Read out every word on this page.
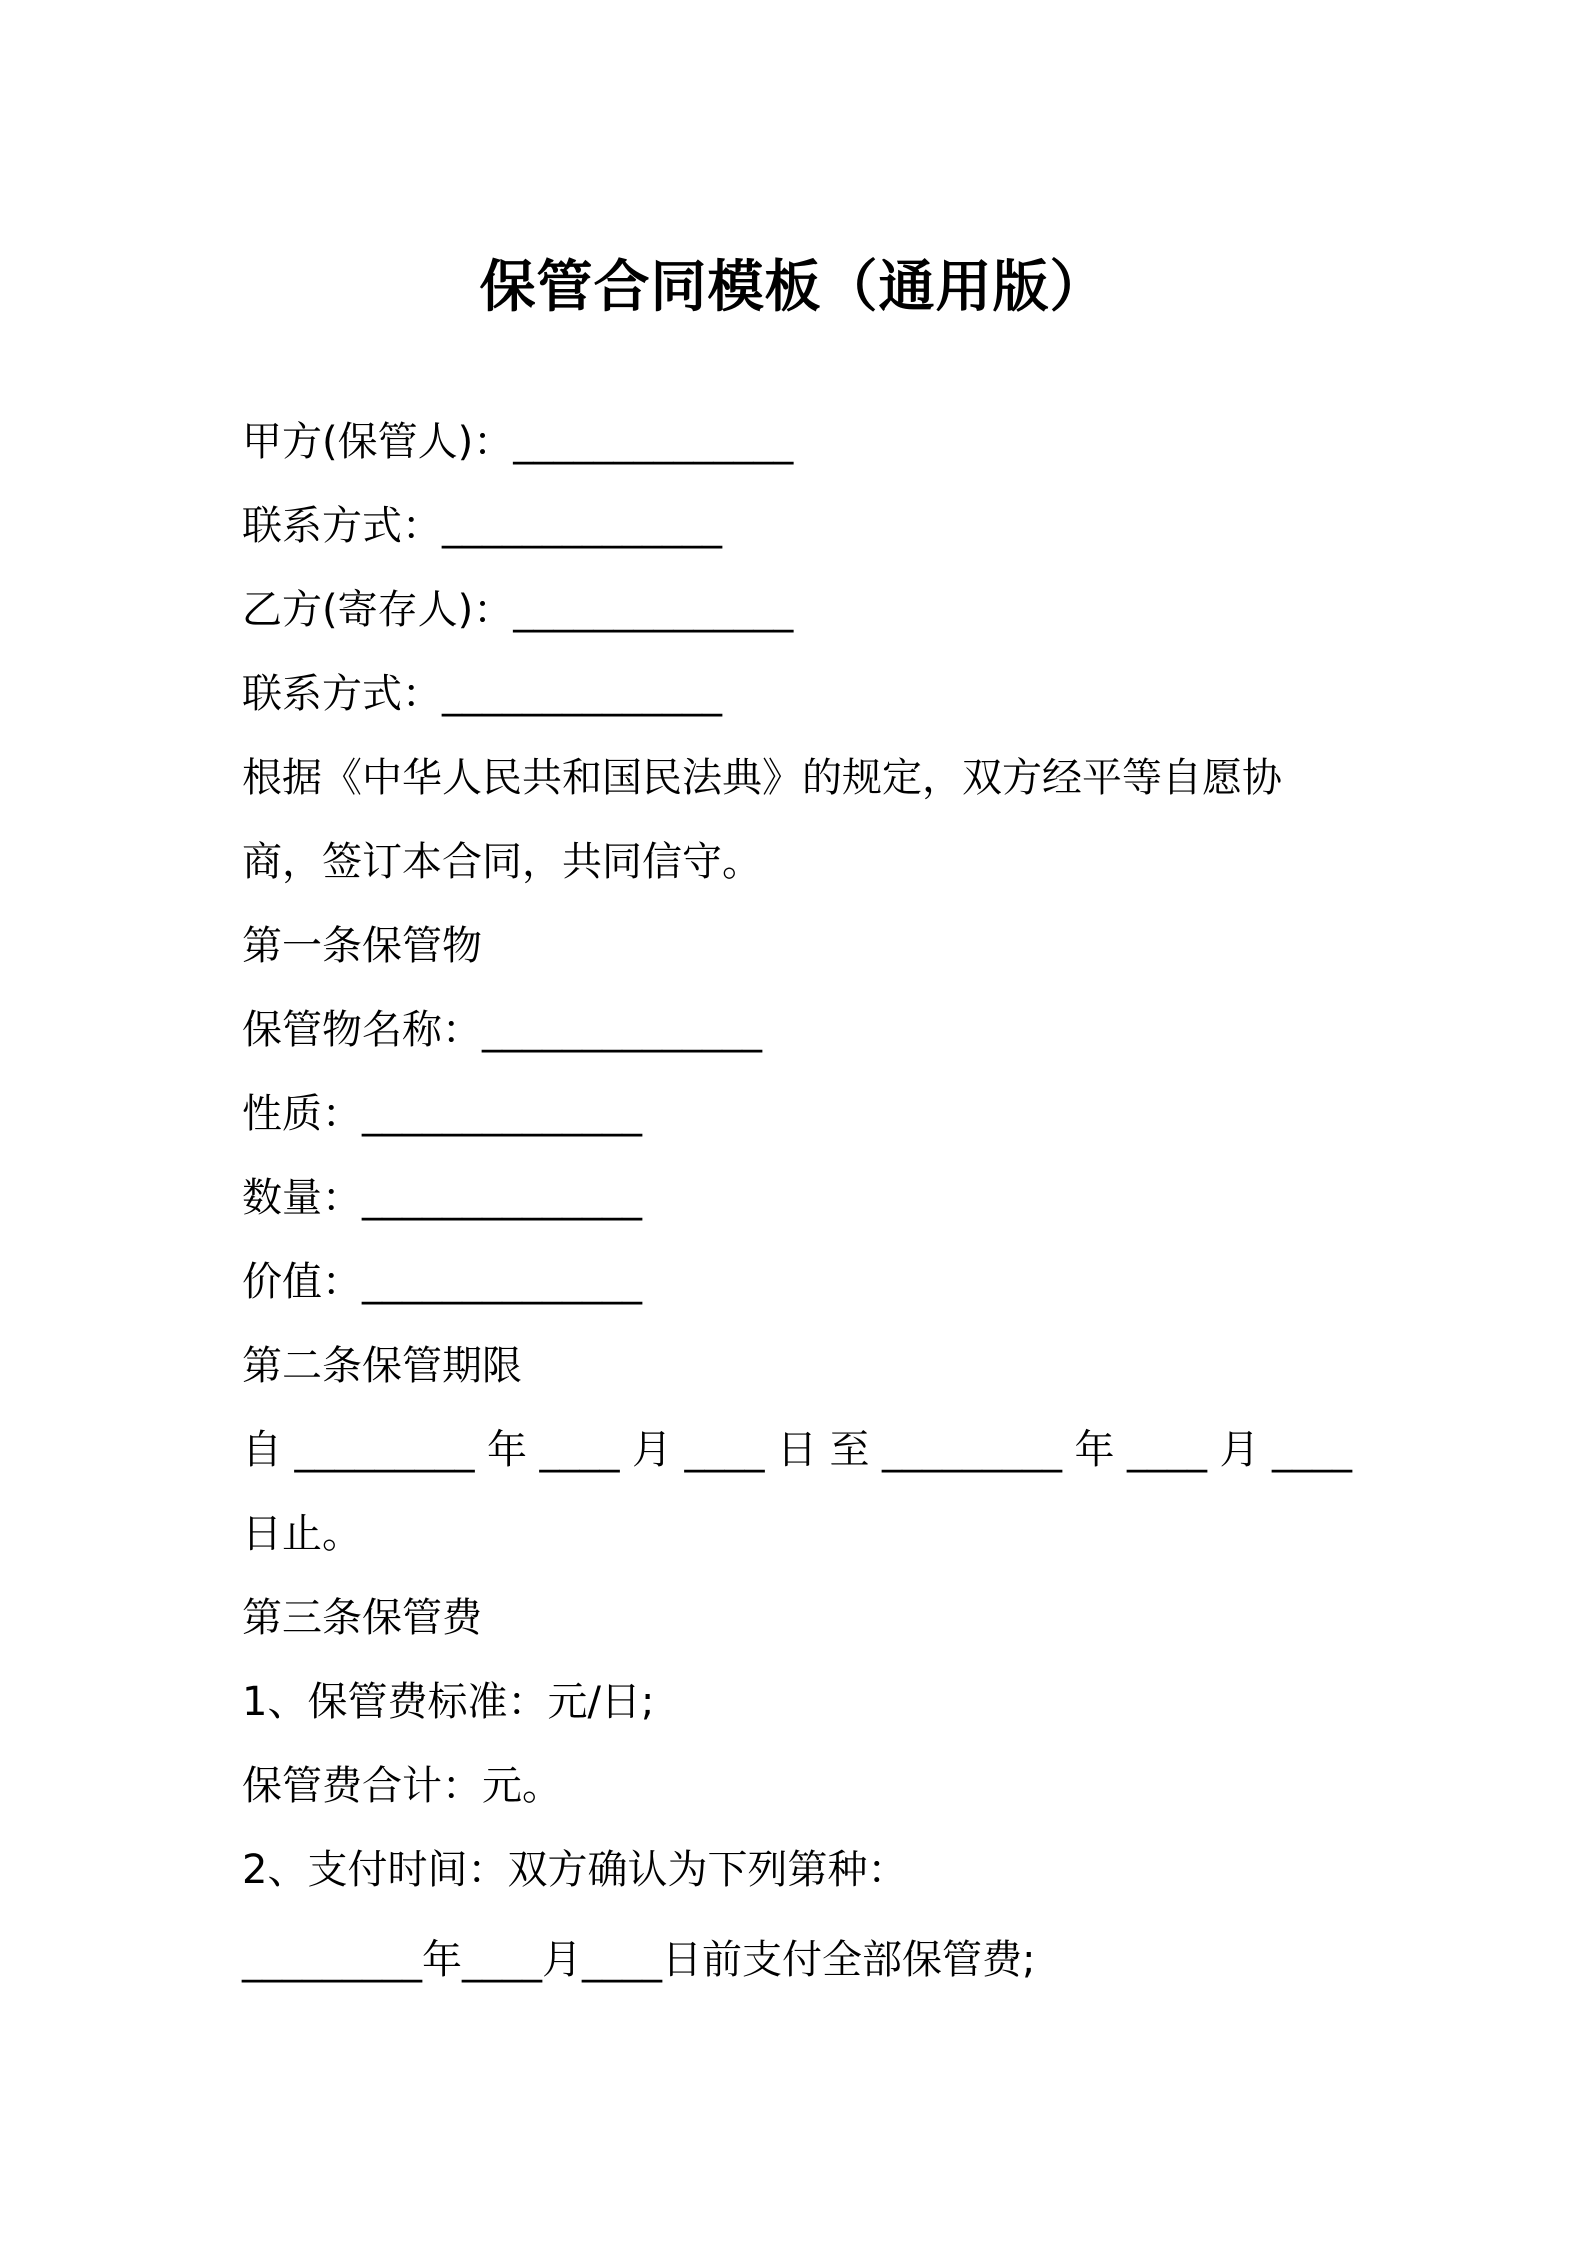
保管合同模板（通用版）
甲方(保管人)：______________
联系方式：______________
乙方(寄存人)：______________
联系方式：______________
根据《中华人民共和国民法典》的规定，双方经平等自愿协
商，签订本合同，共同信守。
第一条保管物
保管物名称：______________
性质：______________
数量：______________
价值：______________
第二条保管期限
自 _________ 年 ____ 月 ____ 日 至 _________ 年 ____ 月 ____
日止。
第三条保管费
1、保管费标准：元/日;
保管费合计：元。
2、支付时间：双方确认为下列第种：
_________年____月____日前支付全部保管费;
